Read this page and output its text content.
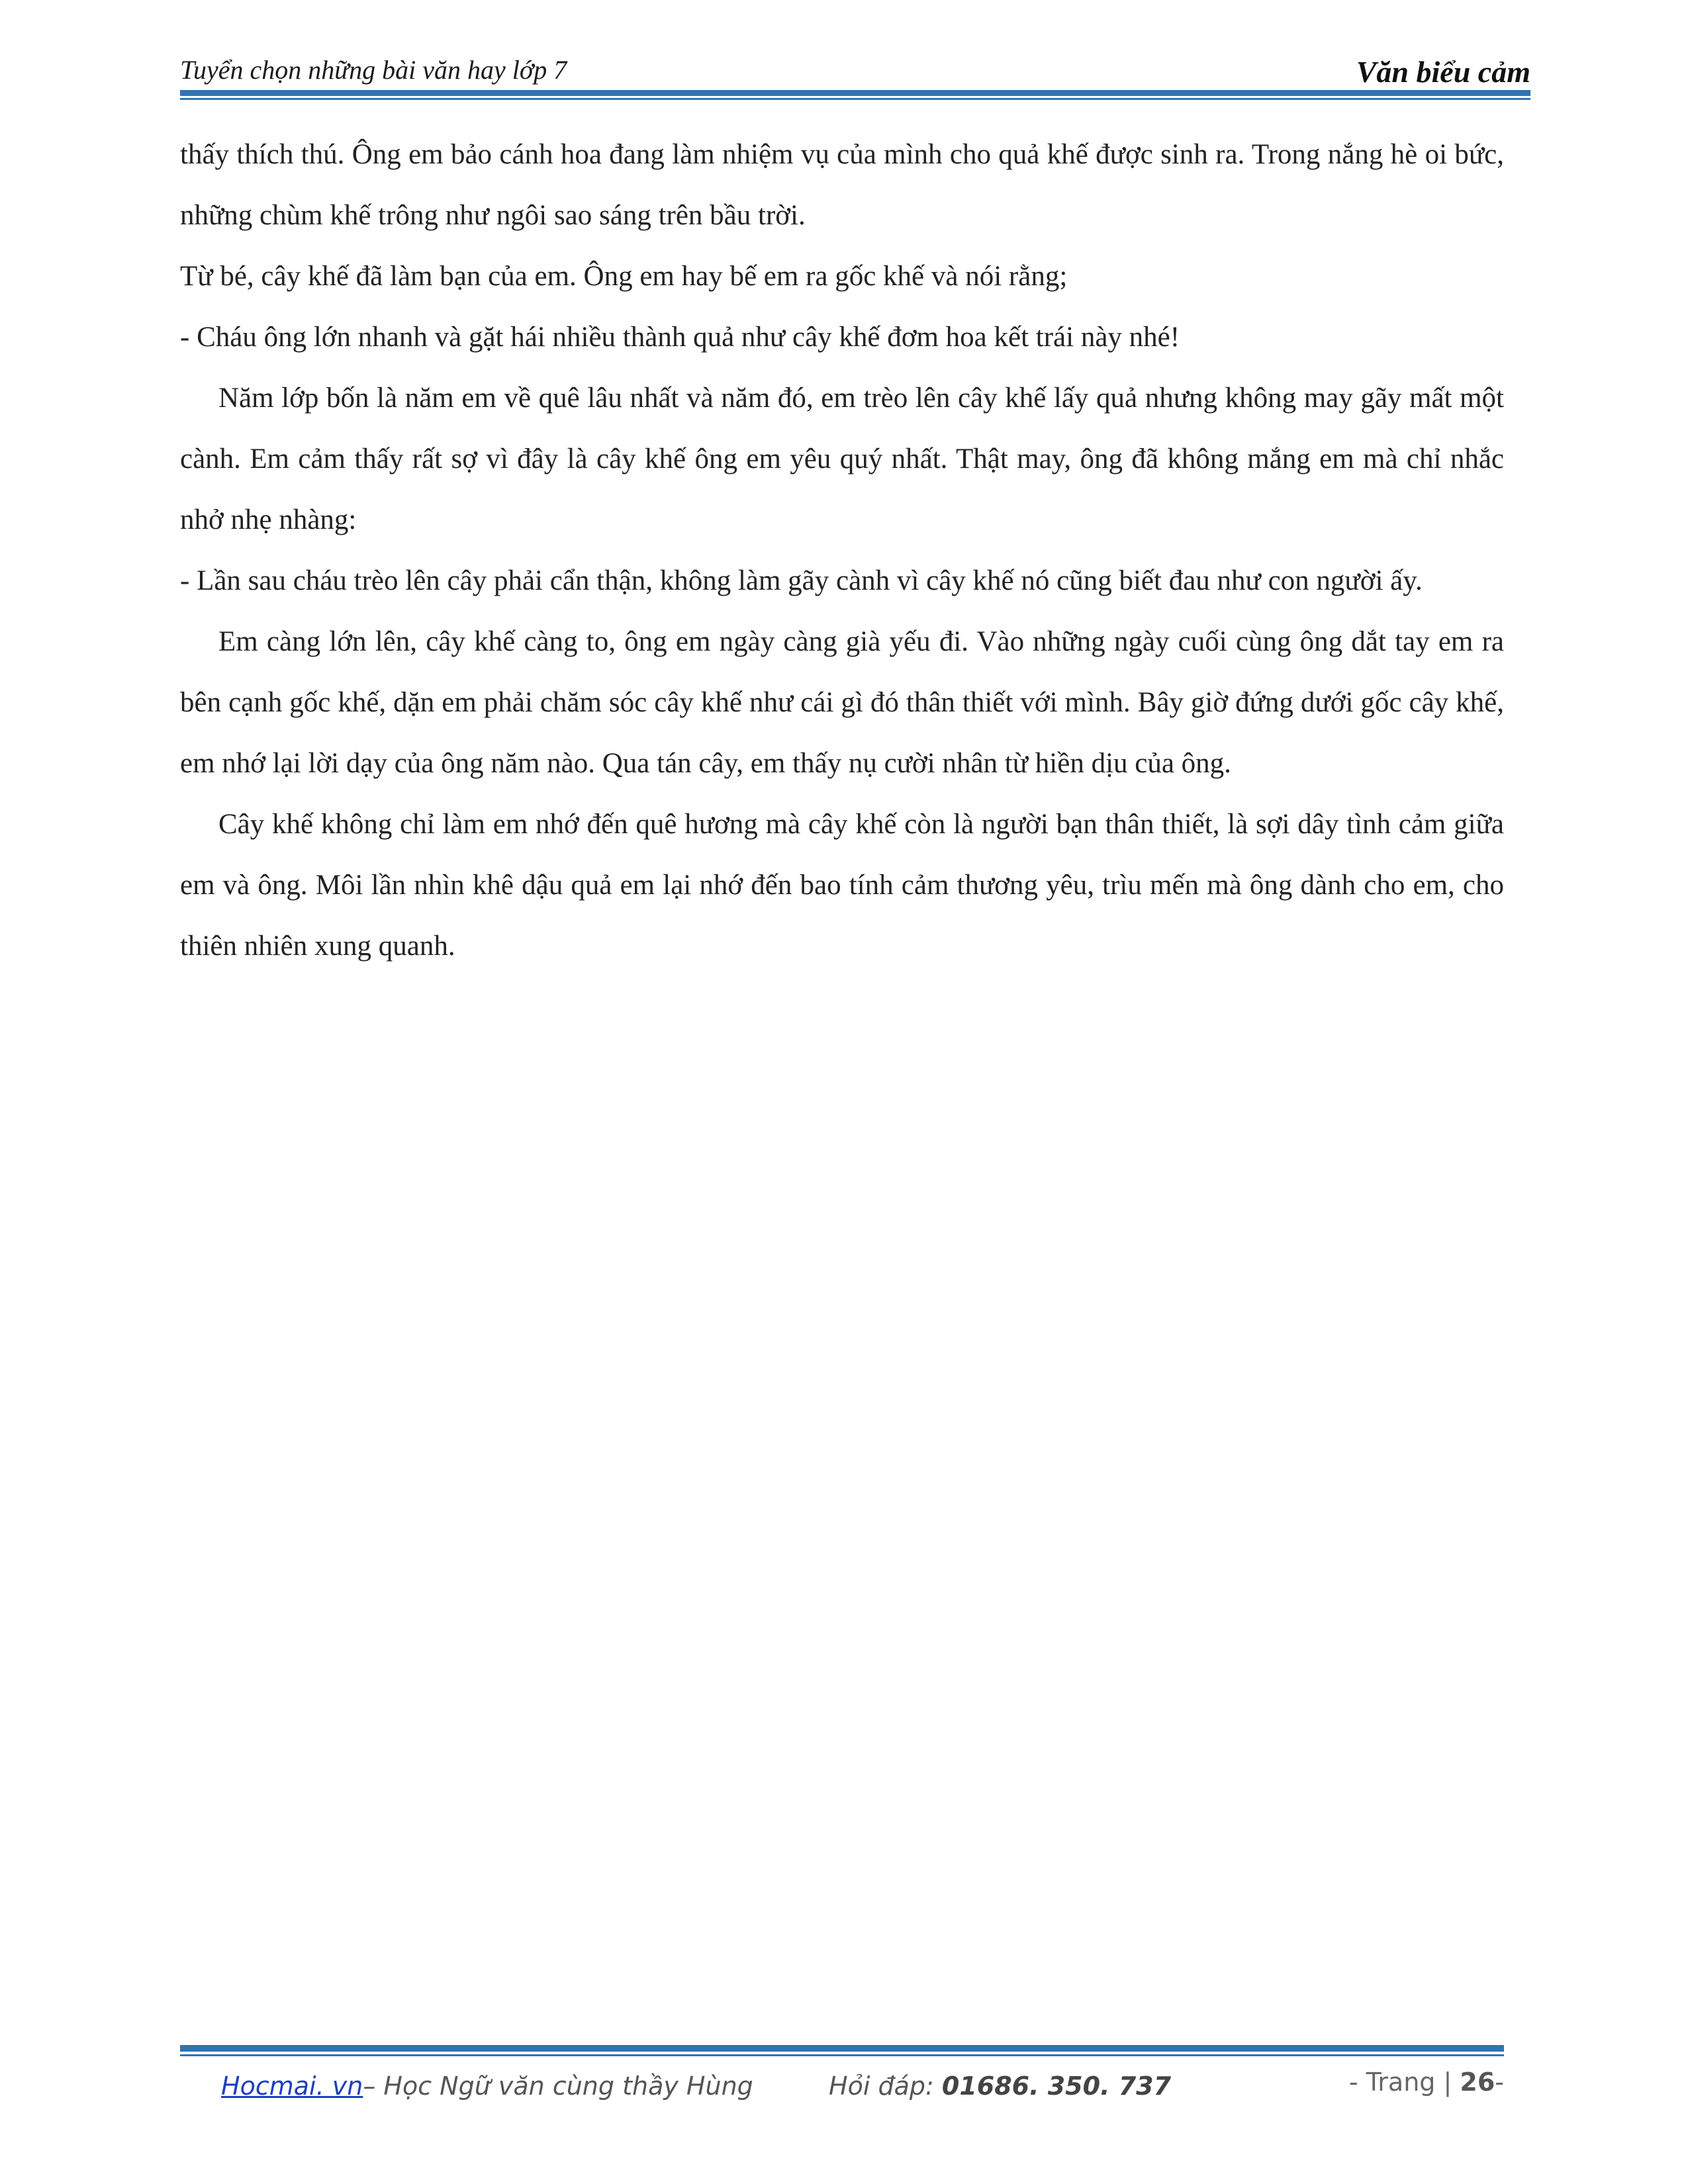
Tuyển chọn những bài văn hay lớp 7	Văn biểu cảm

thấy thích thú. Ông em bảo cánh hoa đang làm nhiệm vụ của mình cho quả khế được sinh ra. Trong nắng hè oi bức, những chùm khế trông như ngôi sao sáng trên bầu trời.

Từ bé, cây khế đã làm bạn của em. Ông em hay bế em ra gốc khế và nói rằng;

- Cháu ông lớn nhanh và gặt hái nhiều thành quả như cây khế đơm hoa kết trái này nhé!

Năm lớp bốn là năm em về quê lâu nhất và năm đó, em trèo lên cây khế lấy quả nhưng không may gãy mất một cành. Em cảm thấy rất sợ vì đây là cây khế ông em yêu quý nhất. Thật may, ông đã không mắng em mà chỉ nhắc nhở nhẹ nhàng:

- Lần sau cháu trèo lên cây phải cẩn thận, không làm gãy cành vì cây khế nó cũng biết đau như con người ấy.

Em càng lớn lên, cây khế càng to, ông em ngày càng già yếu đi. Vào những ngày cuối cùng ông dắt tay em ra bên cạnh gốc khế, dặn em phải chăm sóc cây khế như cái gì đó thân thiết với mình. Bây giờ đứng dưới gốc cây khế, em nhớ lại lời dạy của ông năm nào. Qua tán cây, em thấy nụ cười nhân từ hiền dịu của ông.

Cây khế không chỉ làm em nhớ đến quê hương mà cây khế còn là người bạn thân thiết, là sợi dây tình cảm giữa em và ông. Môi lần nhìn khê dậu quả em lại nhớ đến bao tính cảm thương yêu, trìu mến mà ông dành cho em, cho thiên nhiên xung quanh.

Hocmai. vn– Học Ngữ văn cùng thầy Hùng	Hỏi đáp: 01686. 350. 737	- Trang | 26-
